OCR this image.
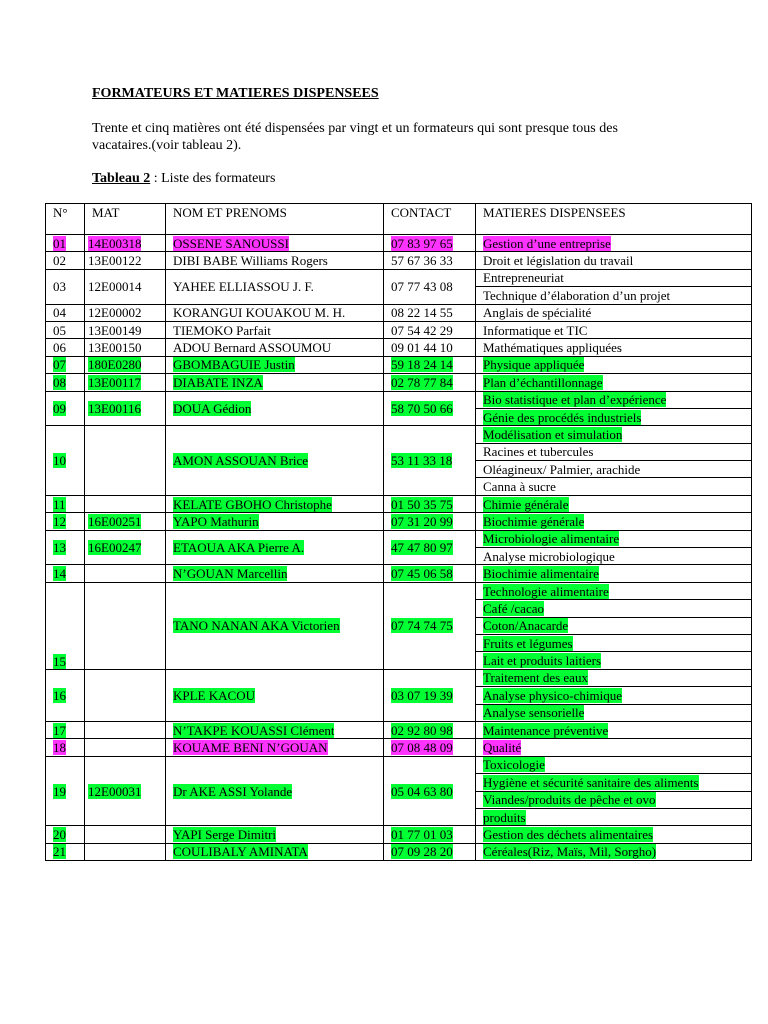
FORMATEURS ET MATIERES DISPENSEES
Trente et cinq matières ont été dispensées par vingt et un formateurs qui sont presque tous des
vacataires.(voir tableau 2).
Tableau 2 : Liste des formateurs
N°	MAT	NOM ET PRENOMS	CONTACT	MATIERES DISPENSEES
01	14E00318	OSSENE SANOUSSI	07 83 97 65	Gestion d’une entreprise
02	13E00122	DIBI BABE Williams Rogers	57 67 36 33	Droit et législation du travail
03	12E00014	YAHEE ELLIASSOU J. F.	07 77 43 08	Entrepreneuriat
				Technique d’élaboration d’un projet
04	12E00002	KORANGUI KOUAKOU M. H.	08 22 14 55	Anglais de spécialité
05	13E00149	TIEMOKO Parfait	07 54 42 29	Informatique et TIC
06	13E00150	ADOU Bernard ASSOUMOU	09 01 44 10	Mathématiques appliquées
07	180E0280	GBOMBAGUIE Justin	59 18 24 14	Physique appliquée
08	13E00117	DIABATE INZA	02 78 77 84	Plan d’échantillonnage
09	13E00116	DOUA Gédion	58 70 50 66	Bio statistique et plan d’expérience
				Génie des procédés industriels
10		AMON ASSOUAN Brice	53 11 33 18	Modélisation et simulation
				Racines et tubercules
				Oléagineux/ Palmier, arachide
				Canna à sucre
11		KELATE GBOHO Christophe	01 50 35 75	Chimie générale
12	16E00251	YAPO Mathurin	07 31 20 99	Biochimie générale
13	16E00247	ETAOUA AKA Pierre A.	47 47 80 97	Microbiologie alimentaire
				Analyse microbiologique
14		N’GOUAN Marcellin	07 45 06 58	Biochimie alimentaire
15		TANO NANAN AKA Victorien	07 74 74 75	Technologie alimentaire
				Café /cacao
				Coton/Anacarde
				Fruits et légumes
				Lait et produits laitiers
16		KPLE KACOU	03 07 19 39	Traitement des eaux
				Analyse physico-chimique
				Analyse sensorielle
17		N’TAKPE KOUASSI Clément	02 92 80 98	Maintenance préventive
18		KOUAME BENI N’GOUAN	07 08 48 09	Qualité
19	12E00031	Dr AKE ASSI Yolande	05 04 63 80	Toxicologie
				Hygiène et sécurité sanitaire des aliments
				Viandes/produits de pêche et ovo
				produits
20		YAPI Serge Dimitri	01 77 01 03	Gestion des déchets alimentaires
21		COULIBALY AMINATA	07 09 28 20	Céréales(Riz, Maïs, Mil, Sorgho)
